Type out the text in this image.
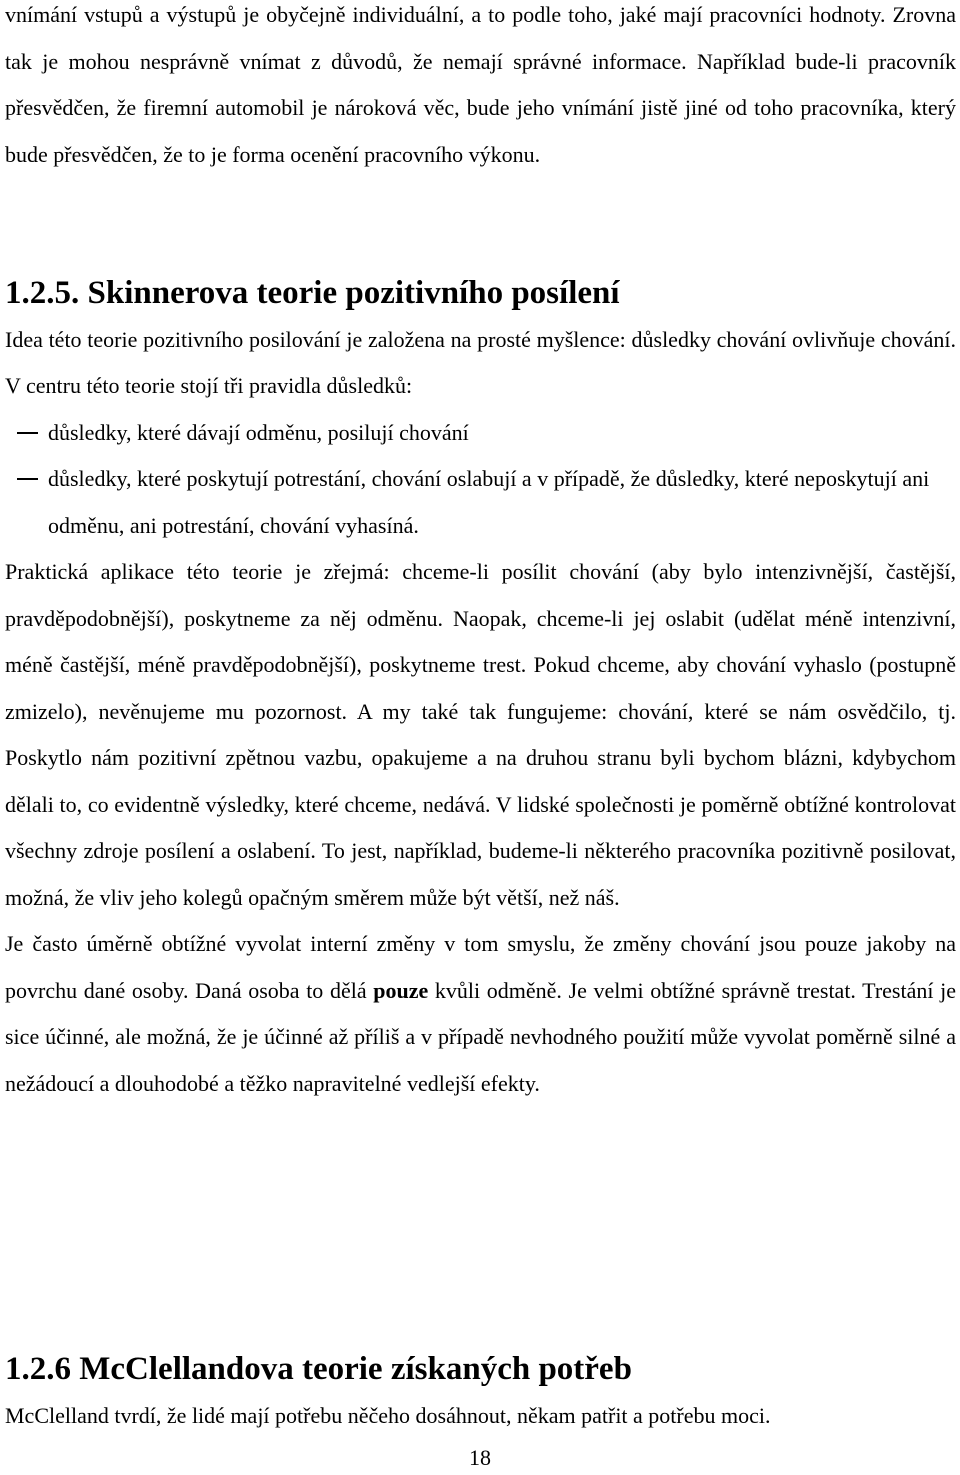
vnímání vstupů a výstupů je obyčejně individuální, a to podle toho, jaké mají pracovníci hodnoty. Zrovna tak je mohou nesprávně vnímat z důvodů, že nemají správné informace. Například bude-li pracovník přesvědčen, že firemní automobil je nároková věc, bude jeho vnímání jistě jiné od toho pracovníka, který bude přesvědčen, že to je forma ocenění pracovního výkonu.

1.2.5. Skinnerova teorie pozitivního posílení

Idea této teorie pozitivního posilování je založena na prosté myšlence: důsledky chování ovlivňuje chování. V centru této teorie stojí tři pravidla důsledků:

důsledky, které dávají odměnu, posilují chování
důsledky, které poskytují potrestání, chování oslabují a v případě, že důsledky, které neposkytují ani odměnu, ani potrestání, chování vyhasíná.

Praktická aplikace této teorie je zřejmá: chceme-li posílit chování (aby bylo intenzivnější, častější, pravděpodobnější), poskytneme za něj odměnu. Naopak, chceme-li jej oslabit (udělat méně intenzivní, méně častější, méně pravděpodobnější), poskytneme trest. Pokud chceme, aby chování vyhaslo (postupně zmizelo), nevěnujeme mu pozornost. A my také tak fungujeme: chování, které se nám osvědčilo, tj. Poskytlo nám pozitivní zpětnou vazbu, opakujeme a na druhou stranu byli bychom blázni, kdybychom dělali to, co evidentně výsledky, které chceme, nedává. V lidské společnosti je poměrně obtížné kontrolovat všechny zdroje posílení a oslabení. To jest, například, budeme-li některého pracovníka pozitivně posilovat, možná, že vliv jeho kolegů opačným směrem může být větší, než náš.

Je často úměrně obtížné vyvolat interní změny v tom smyslu, že změny chování jsou pouze jakoby na povrchu dané osoby. Daná osoba to dělá pouze kvůli odměně. Je velmi obtížné správně trestat. Trestání je sice účinné, ale možná, že je účinné až příliš a v případě nevhodného použití může vyvolat poměrně silné a nežádoucí a dlouhodobé a těžko napravitelné vedlejší efekty.

1.2.6 McClellandova teorie získaných potřeb

McClelland tvrdí, že lidé mají potřebu něčeho dosáhnout, někam patřit a potřebu moci.

18
